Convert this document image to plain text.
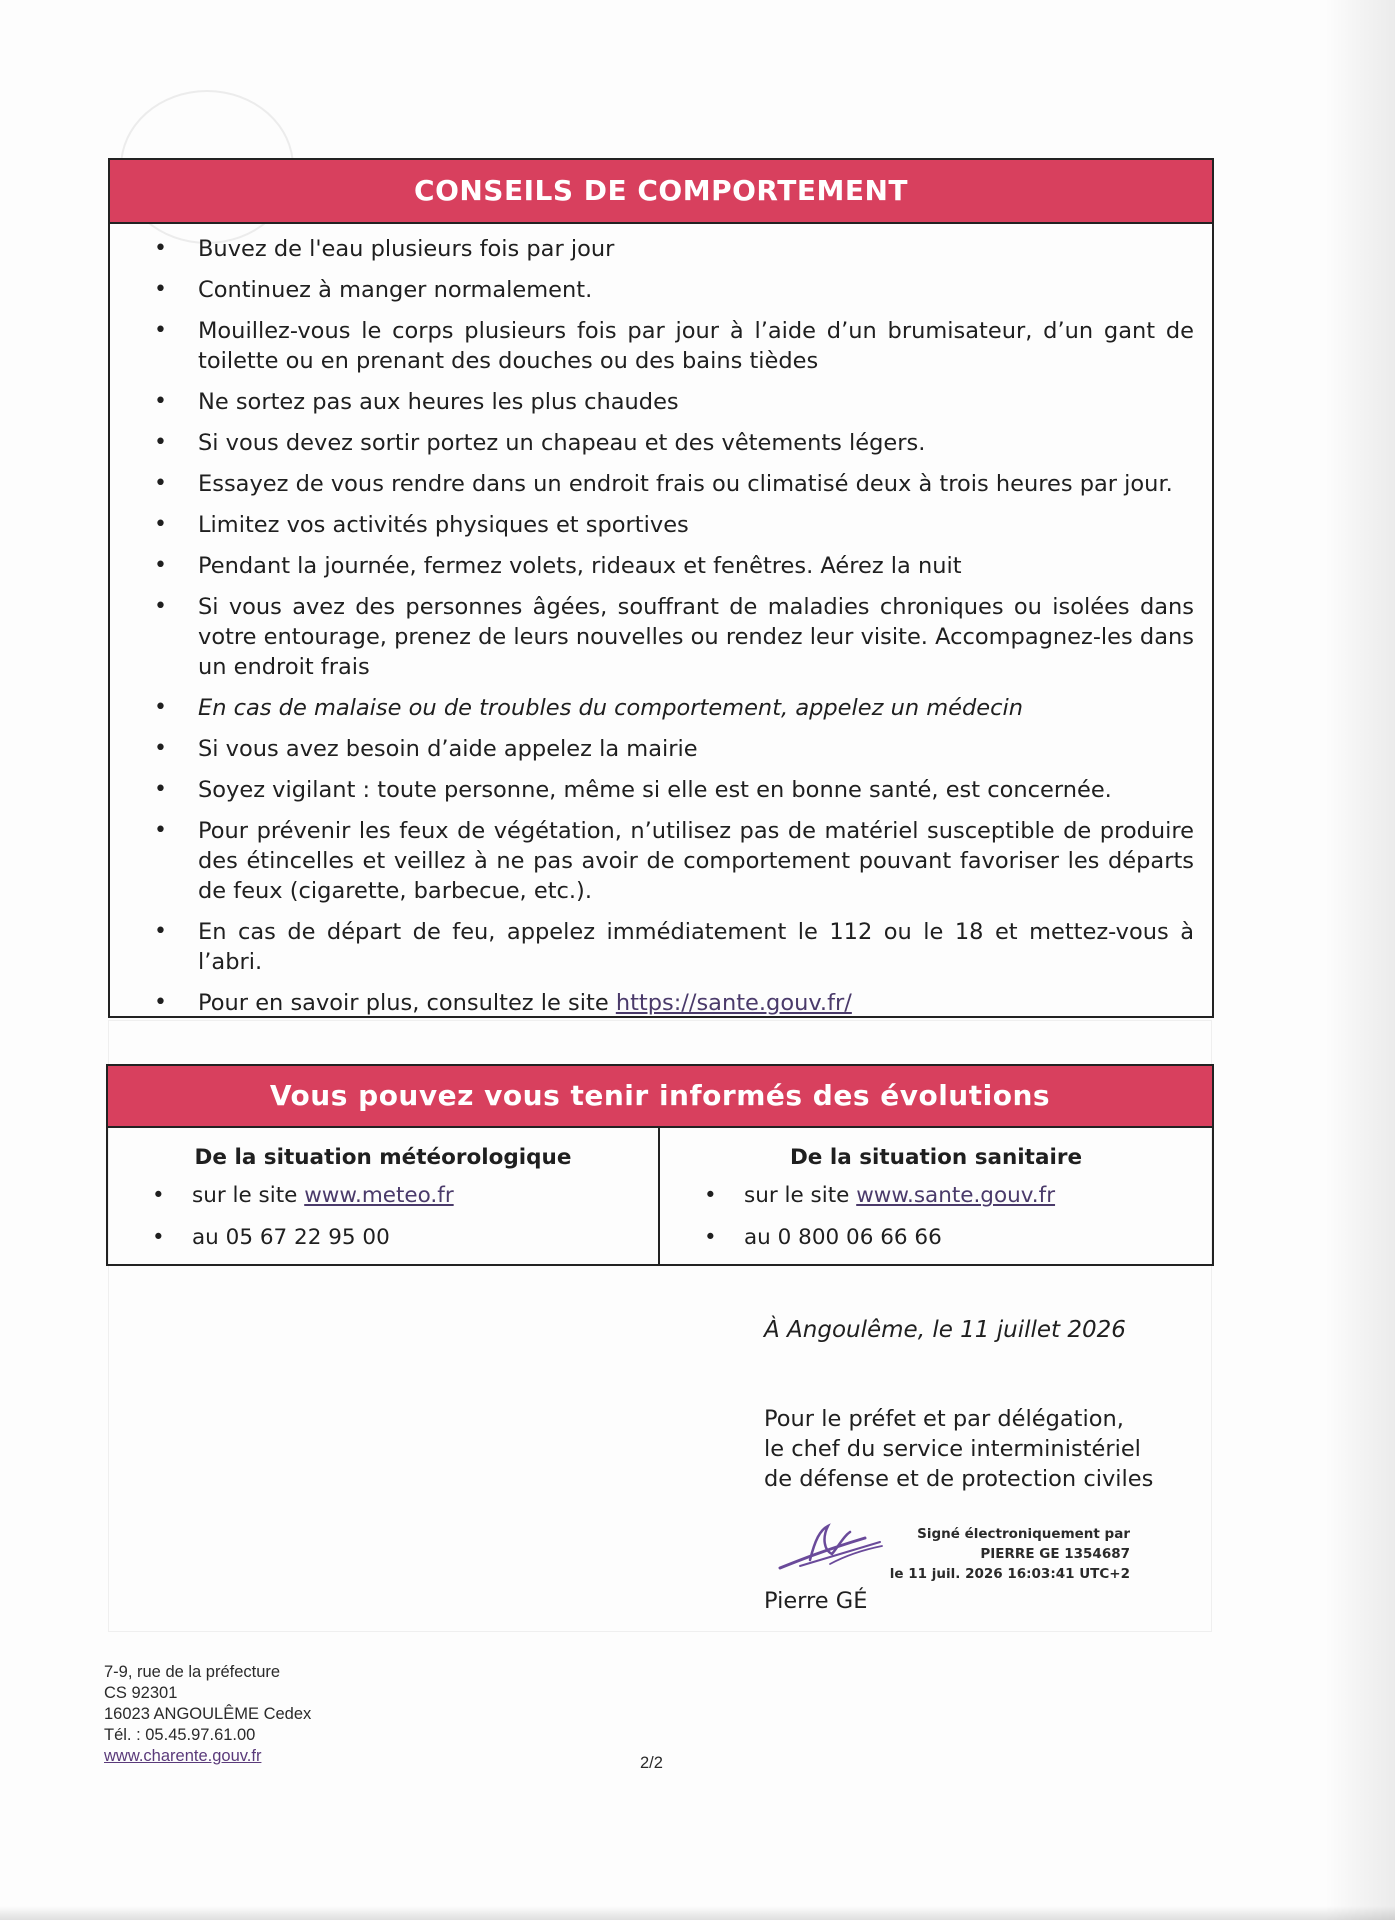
CONSEILS DE COMPORTEMENT
• Buvez de l'eau plusieurs fois par jour
• Continuez à manger normalement.
• Mouillez-vous le corps plusieurs fois par jour à l’aide d’un brumisateur, d’un gant de toilette ou en prenant des douches ou des bains tièdes
• Ne sortez pas aux heures les plus chaudes
• Si vous devez sortir portez un chapeau et des vêtements légers.
• Essayez de vous rendre dans un endroit frais ou climatisé deux à trois heures par jour.
• Limitez vos activités physiques et sportives
• Pendant la journée, fermez volets, rideaux et fenêtres. Aérez la nuit
• Si vous avez des personnes âgées, souffrant de maladies chroniques ou isolées dans votre entourage, prenez de leurs nouvelles ou rendez leur visite. Accompagnez-les dans un endroit frais
• En cas de malaise ou de troubles du comportement, appelez un médecin
• Si vous avez besoin d’aide appelez la mairie
• Soyez vigilant : toute personne, même si elle est en bonne santé, est concernée.
• Pour prévenir les feux de végétation, n’utilisez pas de matériel susceptible de produire des étincelles et veillez à ne pas avoir de comportement pouvant favoriser les départs de feux (cigarette, barbecue, etc.).
• En cas de départ de feu, appelez immédiatement le 112 ou le 18 et mettez-vous à l’abri.
• Pour en savoir plus, consultez le site https://sante.gouv.fr/
Vous pouvez vous tenir informés des évolutions
De la situation météorologique
• sur le site www.meteo.fr
• au 05 67 22 95 00
De la situation sanitaire
• sur le site www.sante.gouv.fr
• au 0 800 06 66 66
À Angoulême, le 11 juillet 2026
Pour le préfet et par délégation,
le chef du service interministériel
de défense et de protection civiles
Signé électroniquement par
PIERRE GE 1354687
le 11 juil. 2026 16:03:41 UTC+2
Pierre GÉ
7-9, rue de la préfecture
CS 92301
16023 ANGOULÊME Cedex
Tél. : 05.45.97.61.00
www.charente.gouv.fr	2/2
